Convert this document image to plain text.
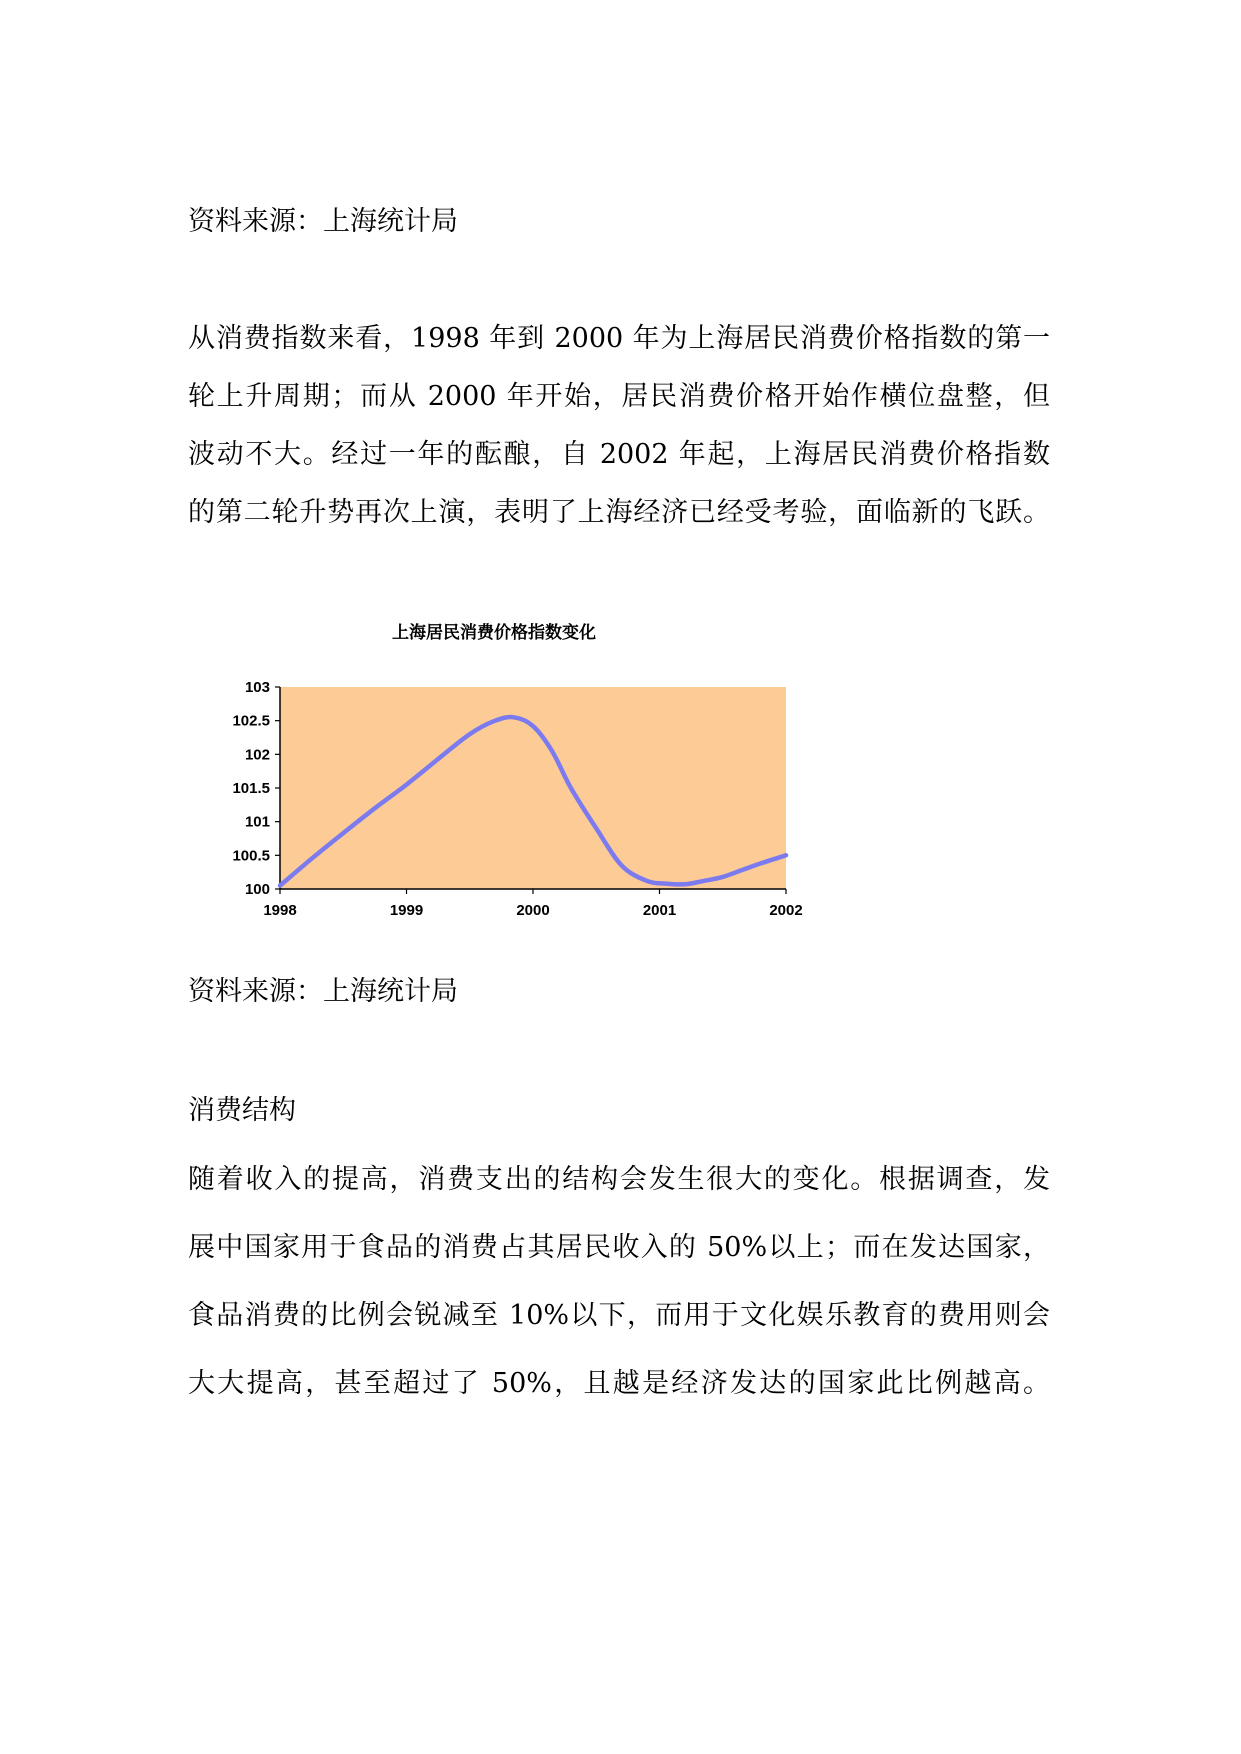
资料来源：上海统计局

从消费指数来看，1998 年到 2000 年为上海居民消费价格指数的第一

轮上升周期；而从 2000 年开始，居民消费价格开始作横位盘整，但

波动不大。经过一年的酝酿，自 2002 年起，上海居民消费价格指数

的第二轮升势再次上演，表明了上海经济已经受考验，面临新的飞跃。

上海居民消费价格指数变化
103
102.5
102
101.5
101
100.5
100
1998	1999	2000	2001	2002

资料来源：上海统计局

消费结构

随着收入的提高，消费支出的结构会发生很大的变化。根据调查，发

展中国家用于食品的消费占其居民收入的 50%以上；而在发达国家，

食品消费的比例会锐减至 10%以下，而用于文化娱乐教育的费用则会

大大提高，甚至超过了 50%，且越是经济发达的国家此比例越高。
